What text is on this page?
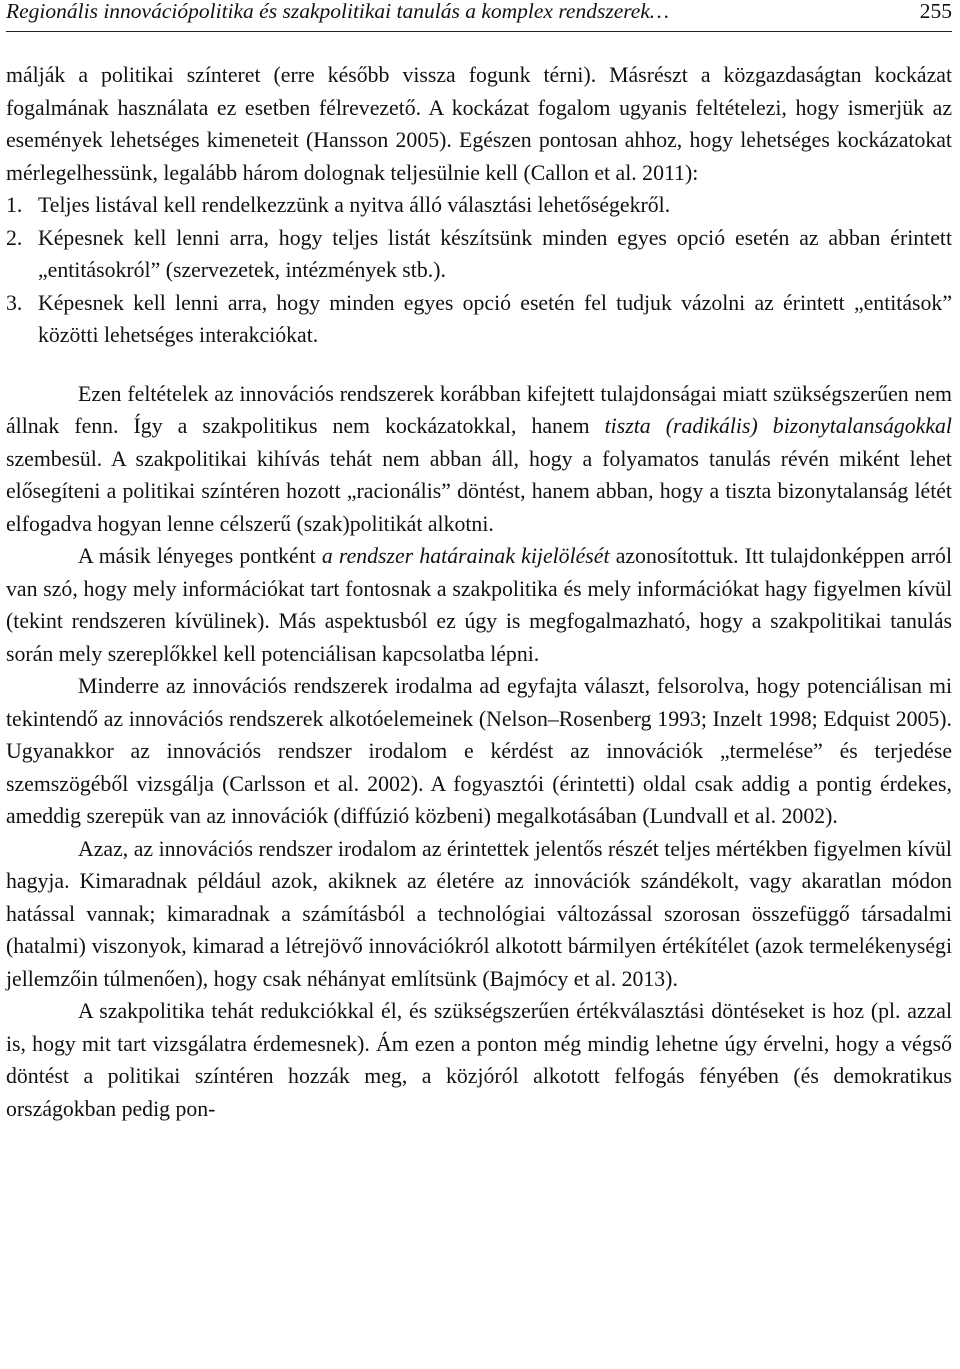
Regionális innovációpolitika és szakpolitikai tanulás a komplex rendszerek…	255

málják a politikai színteret (erre később vissza fogunk térni). Másrészt a közgazdaságtan kockázat fogalmának használata ez esetben félrevezető. A kockázat fogalom ugyanis feltételezi, hogy ismerjük az események lehetséges kimeneteit (Hansson 2005). Egészen pontosan ahhoz, hogy lehetséges kockázatokat mérlegelhessünk, legalább három dolognak teljesülnie kell (Callon et al. 2011):

1. Teljes listával kell rendelkezzünk a nyitva álló választási lehetőségekről.
2. Képesnek kell lenni arra, hogy teljes listát készítsünk minden egyes opció esetén az abban érintett „entitásokról” (szervezetek, intézmények stb.).
3. Képesnek kell lenni arra, hogy minden egyes opció esetén fel tudjuk vázolni az érintett „entitások” közötti lehetséges interakciókat.

Ezen feltételek az innovációs rendszerek korábban kifejtett tulajdonságai miatt szükségszerűen nem állnak fenn. Így a szakpolitikus nem kockázatokkal, hanem tiszta (radikális) bizonytalanságokkal szembesül. A szakpolitikai kihívás tehát nem abban áll, hogy a folyamatos tanulás révén miként lehet elősegíteni a politikai színtéren hozott „racionális” döntést, hanem abban, hogy a tiszta bizonytalanság létét elfogadva hogyan lenne célszerű (szak)politikát alkotni.

A másik lényeges pontként a rendszer határainak kijelölését azonosítottuk. Itt tulajdonképpen arról van szó, hogy mely információkat tart fontosnak a szakpolitika és mely információkat hagy figyelmen kívül (tekint rendszeren kívülinek). Más aspektusból ez úgy is megfogalmazható, hogy a szakpolitikai tanulás során mely szereplőkkel kell potenciálisan kapcsolatba lépni.

Minderre az innovációs rendszerek irodalma ad egyfajta választ, felsorolva, hogy potenciálisan mi tekintendő az innovációs rendszerek alkotóelemeinek (Nelson–Rosenberg 1993; Inzelt 1998; Edquist 2005). Ugyanakkor az innovációs rendszer irodalom e kérdést az innovációk „termelése” és terjedése szemszögéből vizsgálja (Carlsson et al. 2002). A fogyasztói (érintetti) oldal csak addig a pontig érdekes, ameddig szerepük van az innovációk (diffúzió közbeni) megalkotásában (Lundvall et al. 2002).

Azaz, az innovációs rendszer irodalom az érintettek jelentős részét teljes mértékben figyelmen kívül hagyja. Kimaradnak például azok, akiknek az életére az innovációk szándékolt, vagy akaratlan módon hatással vannak; kimaradnak a számításból a technológiai változással szorosan összefüggő társadalmi (hatalmi) viszonyok, kimarad a létrejövő innovációkról alkotott bármilyen értékítélet (azok termelékenységi jellemzőin túlmenően), hogy csak néhányat említsünk (Bajmócy et al. 2013).

A szakpolitika tehát redukciókkal él, és szükségszerűen értékválasztási döntéseket is hoz (pl. azzal is, hogy mit tart vizsgálatra érdemesnek). Ám ezen a ponton még mindig lehetne úgy érvelni, hogy a végső döntést a politikai színtéren hozzák meg, a közjóról alkotott felfogás fényében (és demokratikus országokban pedig pon-
